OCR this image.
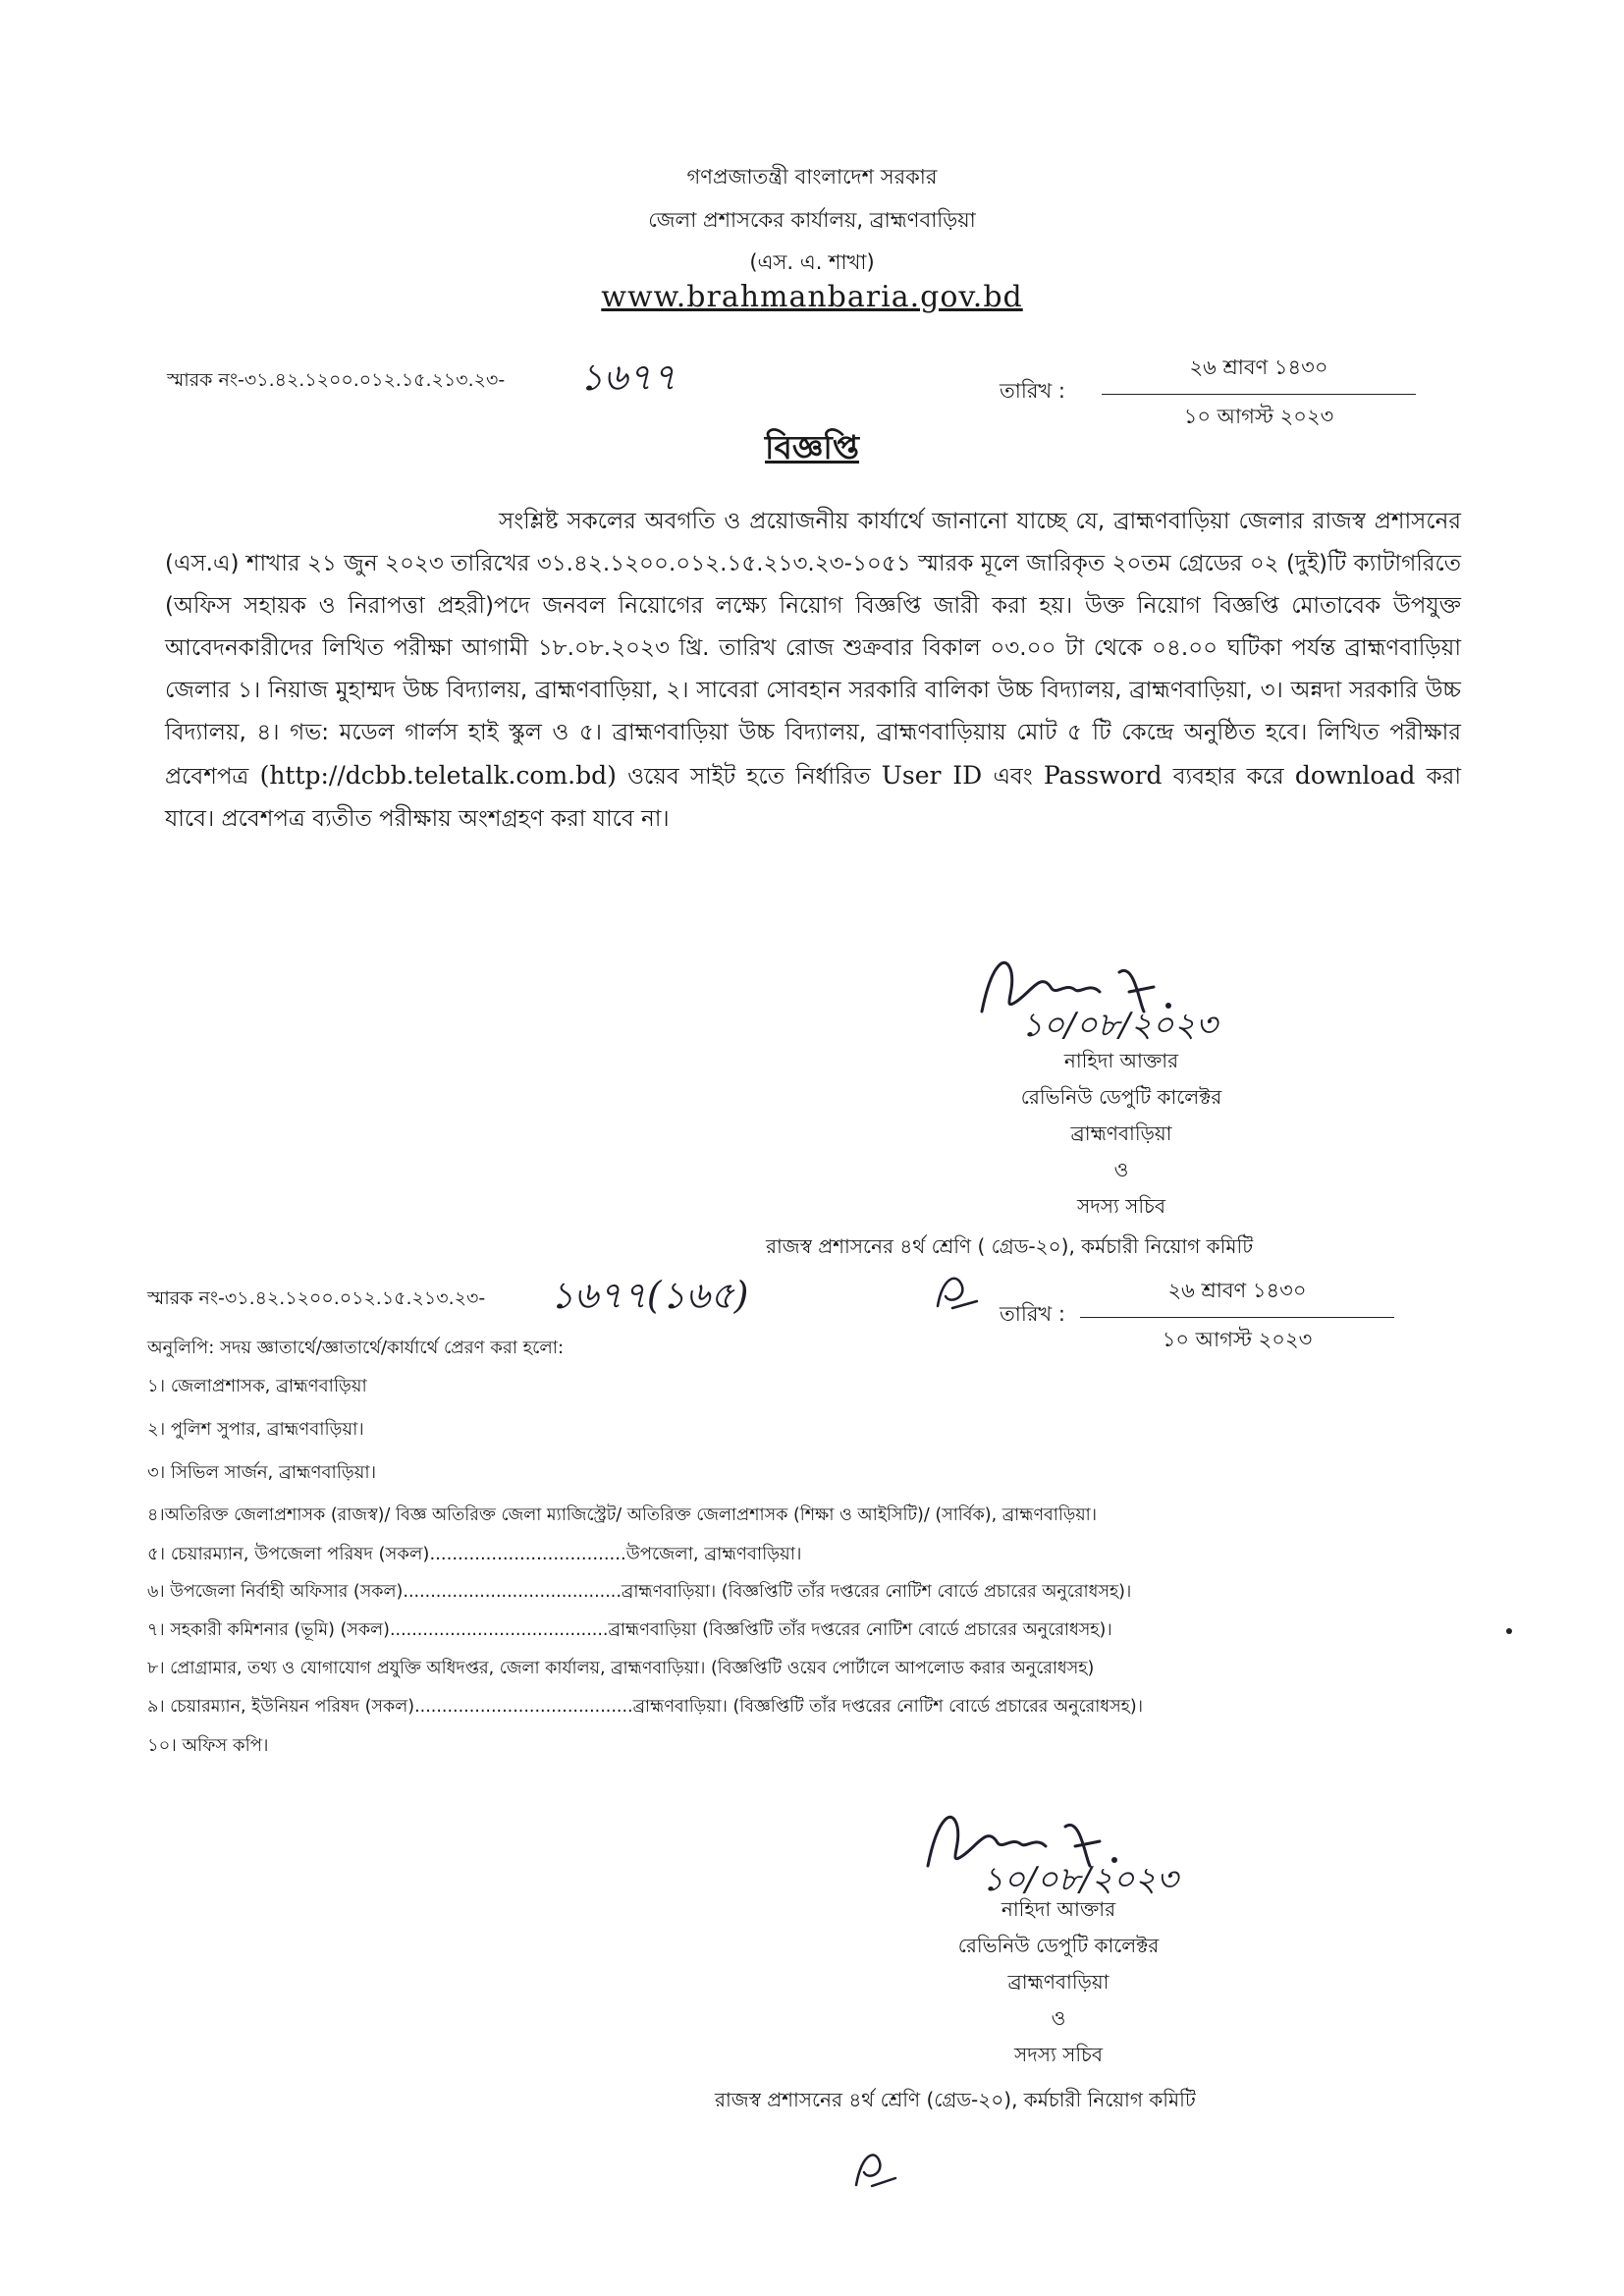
গণপ্রজাতন্ত্রী বাংলাদেশ সরকার
জেলা প্রশাসকের কার্যালয়, ব্রাহ্মণবাড়িয়া
(এস. এ. শাখা)
www.brahmanbaria.gov.bd
স্মারক নং-৩১.৪২.১২০০.০১২.১৫.২১৩.২৩- ১৬৭৭	তারিখ :
২৬ শ্রাবণ ১৪৩০
১০ আগস্ট ২০২৩
বিজ্ঞপ্তি
সংশ্লিষ্ট সকলের অবগতি ও প্রয়োজনীয় কার্যার্থে জানানো যাচ্ছে যে, ব্রাহ্মণবাড়িয়া জেলার রাজস্ব প্রশাসনের (এস.এ) শাখার ২১ জুন ২০২৩ তারিখের ৩১.৪২.১২০০.০১২.১৫.২১৩.২৩-১০৫১ স্মারক মূলে জারিকৃত ২০তম গ্রেডের ০২ (দুই)টি ক্যাটাগরিতে (অফিস সহায়ক ও নিরাপত্তা প্রহরী)পদে জনবল নিয়োগের লক্ষ্যে নিয়োগ বিজ্ঞপ্তি জারী করা হয়। উক্ত নিয়োগ বিজ্ঞপ্তি মোতাবেক উপযুক্ত আবেদনকারীদের লিখিত পরীক্ষা আগামী ১৮.০৮.২০২৩ খ্রি. তারিখ রোজ শুক্রবার বিকাল ০৩.০০ টা থেকে ০৪.০০ ঘটিকা পর্যন্ত ব্রাহ্মণবাড়িয়া জেলার ১। নিয়াজ মুহাম্মদ উচ্চ বিদ্যালয়, ব্রাহ্মণবাড়িয়া, ২। সাবেরা সোবহান সরকারি বালিকা উচ্চ বিদ্যালয়, ব্রাহ্মণবাড়িয়া, ৩। অন্নদা সরকারি উচ্চ বিদ্যালয়, ৪। গভ: মডেল গার্লস হাই স্কুল ও ৫। ব্রাহ্মণবাড়িয়া উচ্চ বিদ্যালয়, ব্রাহ্মণবাড়িয়ায় মোট ৫ টি কেন্দ্রে অনুষ্ঠিত হবে। লিখিত পরীক্ষার প্রবেশপত্র (http://dcbb.teletalk.com.bd) ওয়েব সাইট হতে নির্ধারিত User ID এবং Password ব্যবহার করে download করা যাবে। প্রবেশপত্র ব্যতীত পরীক্ষায় অংশগ্রহণ করা যাবে না।
১০/০৮/২০২৩
নাহিদা আক্তার
রেভিনিউ ডেপুটি কালেক্টর
ব্রাহ্মণবাড়িয়া
ও
সদস্য সচিব
রাজস্ব প্রশাসনের ৪র্থ শ্রেণি ( গ্রেড-২০), কর্মচারী নিয়োগ কমিটি
স্মারক নং-৩১.৪২.১২০০.০১২.১৫.২১৩.২৩- ১৬৭৭(১৬৫)	তারিখ :
২৬ শ্রাবণ ১৪৩০
১০ আগস্ট ২০২৩
অনুলিপি: সদয় জ্ঞাতার্থে/জ্ঞাতার্থে/কার্যার্থে প্রেরণ করা হলো:
১। জেলাপ্রশাসক, ব্রাহ্মণবাড়িয়া
২। পুলিশ সুপার, ব্রাহ্মণবাড়িয়া।
৩। সিভিল সার্জন, ব্রাহ্মণবাড়িয়া।
৪।অতিরিক্ত জেলাপ্রশাসক (রাজস্ব)/ বিজ্ঞ অতিরিক্ত জেলা ম্যাজিস্ট্রেট/ অতিরিক্ত জেলাপ্রশাসক (শিক্ষা ও আইসিটি)/ (সার্বিক), ব্রাহ্মণবাড়িয়া।
৫। চেয়ারম্যান, উপজেলা পরিষদ (সকল)...................................উপজেলা, ব্রাহ্মণবাড়িয়া।
৬। উপজেলা নির্বাহী অফিসার (সকল)........................................ব্রাহ্মণবাড়িয়া। (বিজ্ঞপ্তিটি তাঁর দপ্তরের নোটিশ বোর্ডে প্রচারের অনুরোধসহ)।
৭। সহকারী কমিশনার (ভূমি) (সকল)........................................ব্রাহ্মণবাড়িয়া (বিজ্ঞপ্তিটি তাঁর দপ্তরের নোটিশ বোর্ডে প্রচারের অনুরোধসহ)।
৮। প্রোগ্রামার, তথ্য ও যোগাযোগ প্রযুক্তি অধিদপ্তর, জেলা কার্যালয়, ব্রাহ্মণবাড়িয়া। (বিজ্ঞপ্তিটি ওয়েব পোর্টালে আপলোড করার অনুরোধসহ)
৯। চেয়ারম্যান, ইউনিয়ন পরিষদ (সকল)........................................ব্রাহ্মণবাড়িয়া। (বিজ্ঞপ্তিটি তাঁর দপ্তরের নোটিশ বোর্ডে প্রচারের অনুরোধসহ)।
১০। অফিস কপি।
১০/০৮/২০২৩
নাহিদা আক্তার
রেভিনিউ ডেপুটি কালেক্টর
ব্রাহ্মণবাড়িয়া
ও
সদস্য সচিব
রাজস্ব প্রশাসনের ৪র্থ শ্রেণি (গ্রেড-২০), কর্মচারী নিয়োগ কমিটি
